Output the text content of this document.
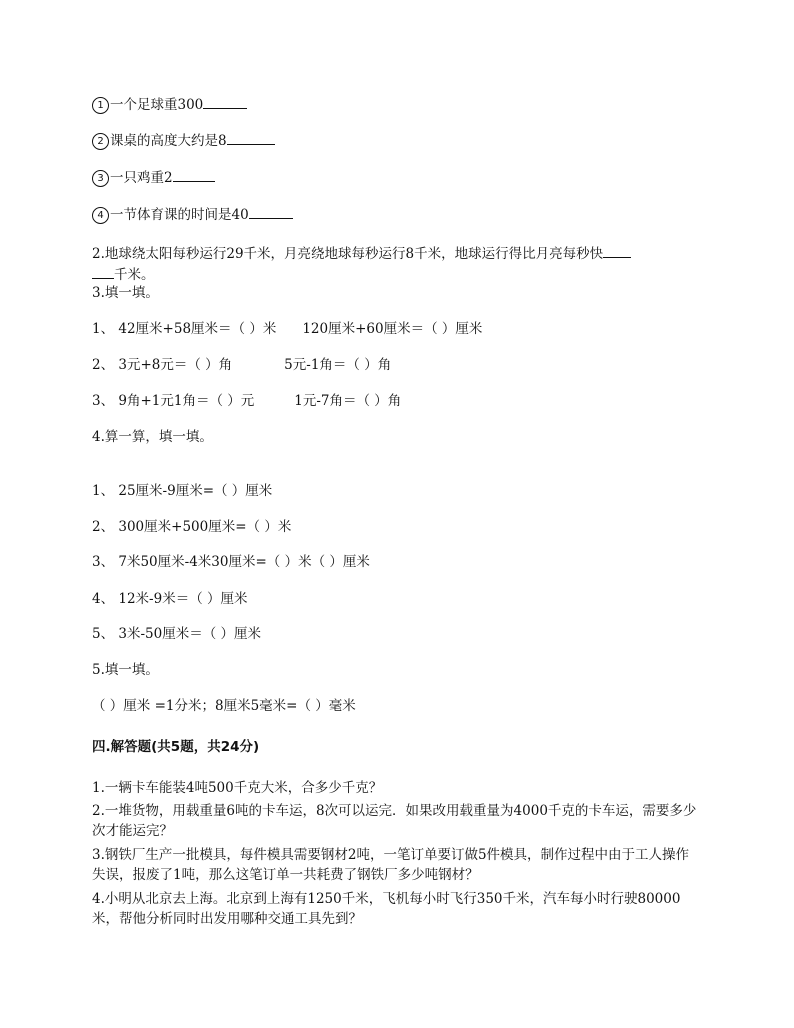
1 一个足球重300
2 课桌的高度大约是8
3 一只鸡重2
4 一节体育课的时间是40
2.地球绕太阳每秒运行29千米，月亮绕地球每秒运行8千米，地球运行得比月亮每秒快
千米。
3.填一填。
1、 42厘米+58厘米＝（ ）米 120厘米+60厘米＝（ ）厘米
2、 3元+8元＝（ ）角	5元-1角＝（ ）角
3、 9角+1元1角＝（ ）元	1元-7角＝（ ）角
4.算一算，填一填。
1、 25厘米-9厘米=（ ）厘米
2、 300厘米+500厘米=（ ）米
3、 7米50厘米-4米30厘米=（ ）米（ ）厘米
4、 12米-9米＝（ ）厘米
5、 3米-50厘米＝（ ）厘米
5.填一填。
（ ）厘米 =1分米；8厘米5毫米=（ ）毫米
四.解答题(共5题，共24分)
1.一辆卡车能装4吨500千克大米，合多少千克？
2.一堆货物，用载重量6吨的卡车运，8次可以运完．如果改用载重量为4000千克的卡车运，需要多少次才能运完？
3.钢铁厂生产一批模具，每件模具需要钢材2吨，一笔订单要订做5件模具，制作过程中由于工人操作失误，报废了1吨，那么这笔订单一共耗费了钢铁厂多少吨钢材？
4.小明从北京去上海。北京到上海有1250千米，飞机每小时飞行350千米，汽车每小时行驶80000米，帮他分析同时出发用哪种交通工具先到？
